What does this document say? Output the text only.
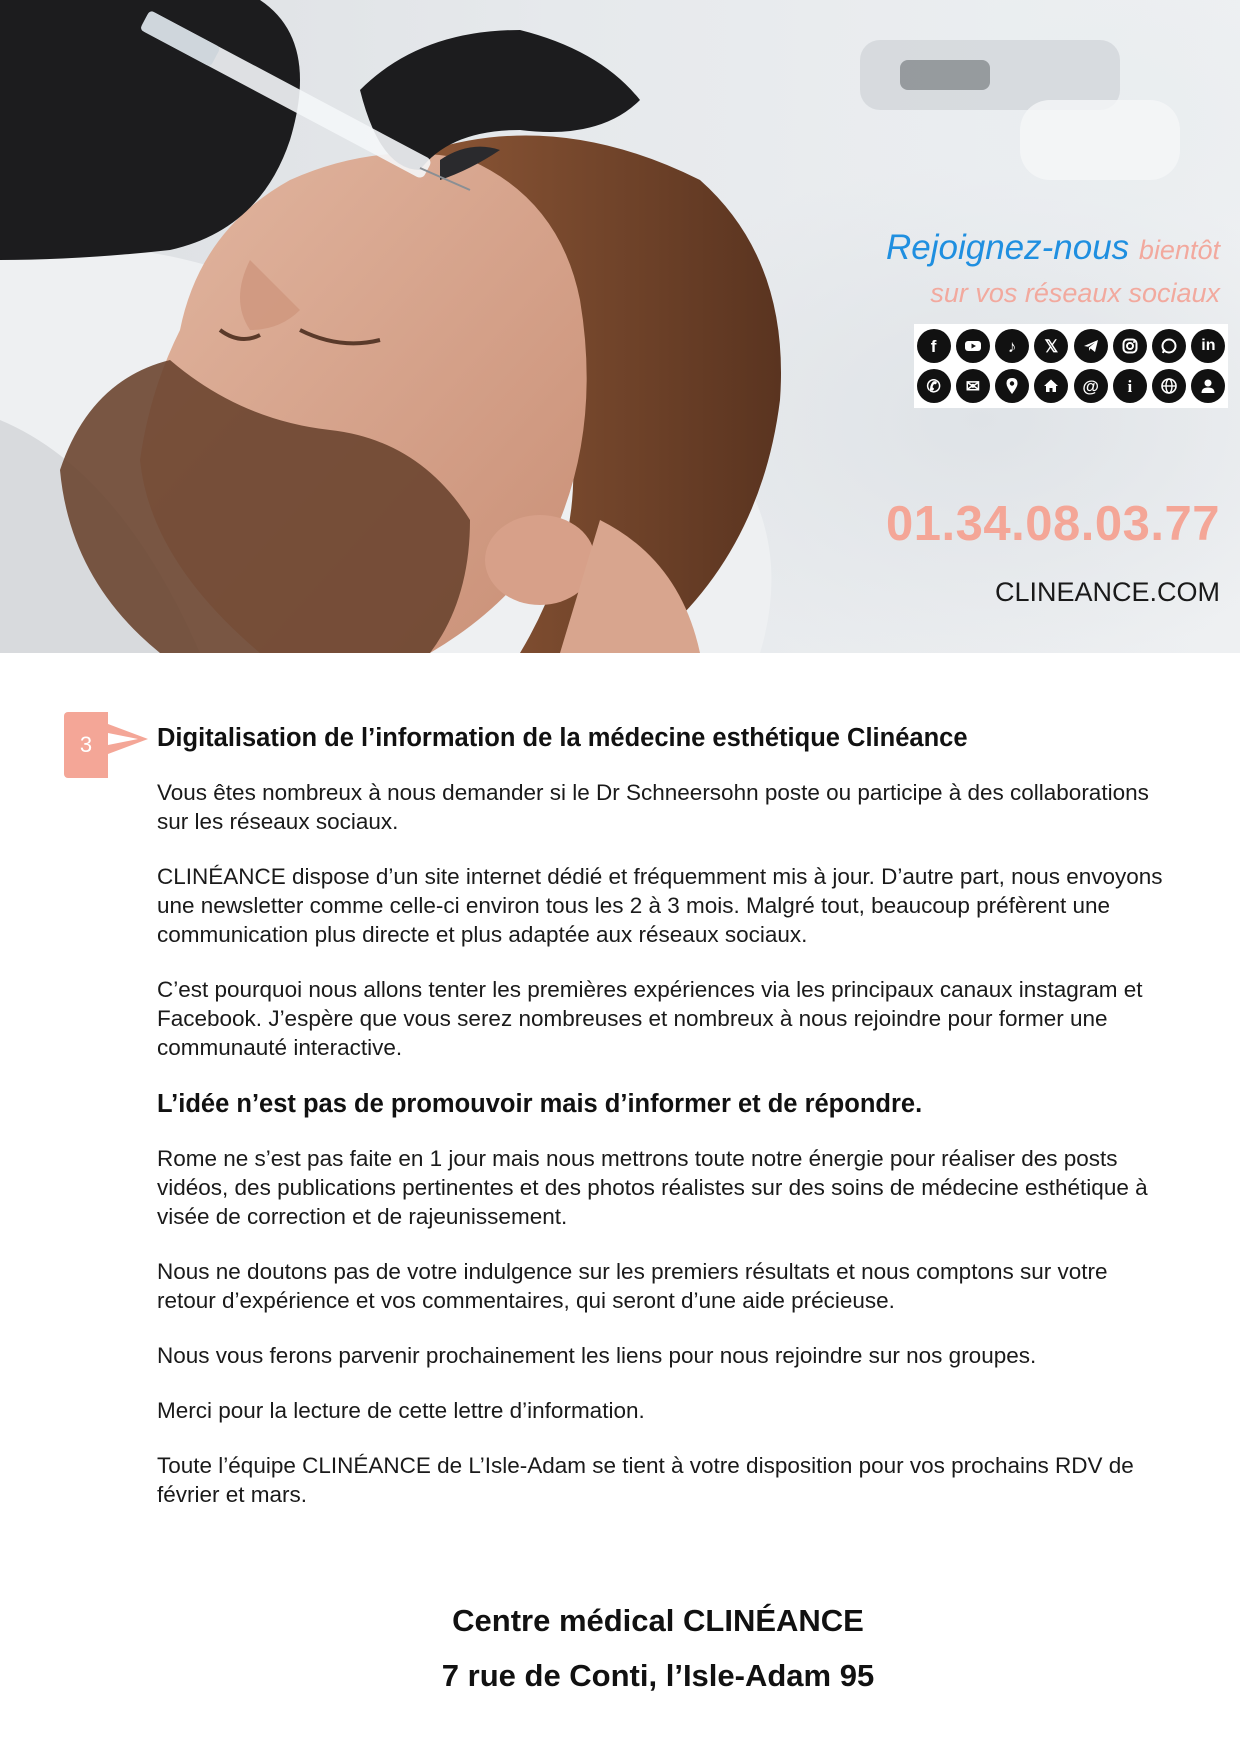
Rejoignez-nous bientôt
sur vos réseaux sociaux
f	♪	𝕏	in
✆	✉	@	i
01.34.08.03.77
CLINEANCE.COM
3	Digitalisation de l’information de la médecine esthétique Clinéance

Vous êtes nombreux à nous demander si le Dr Schneersohn poste ou participe à des collaborations sur les réseaux sociaux.

CLINÉANCE dispose d’un site internet dédié et fréquemment mis à jour. D’autre part, nous envoyons une newsletter comme celle-ci environ tous les 2 à 3 mois. Malgré tout, beaucoup préfèrent une communication plus directe et plus adaptée aux réseaux sociaux.

C’est pourquoi nous allons tenter les premières expériences via les principaux canaux instagram et Facebook. J’espère que vous serez nombreuses et nombreux à nous rejoindre pour former une communauté interactive.

L’idée n’est pas de promouvoir mais d’informer et de répondre.

Rome ne s’est pas faite en 1 jour mais nous mettrons toute notre énergie pour réaliser des posts vidéos, des publications pertinentes et des photos réalistes sur des soins de médecine esthétique à visée de correction et de rajeunissement.

Nous ne doutons pas de votre indulgence sur les premiers résultats et nous comptons sur votre retour d’expérience et vos commentaires, qui seront d’une aide précieuse.

Nous vous ferons parvenir prochainement les liens pour nous rejoindre sur nos groupes.

Merci pour la lecture de cette lettre d’information.

Toute l’équipe CLINÉANCE de L’Isle-Adam se tient à votre disposition pour vos prochains RDV de février et mars.

Centre médical CLINÉANCE
7 rue de Conti, l’Isle-Adam 95
